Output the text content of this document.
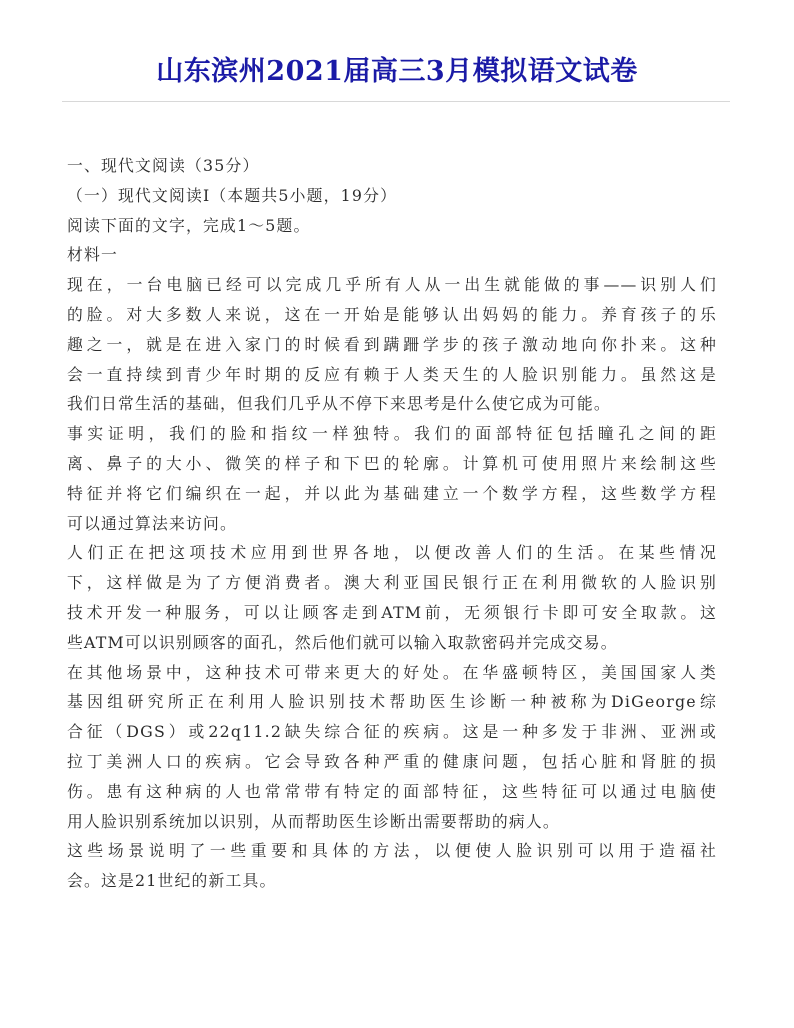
山东滨州2021届高三3月模拟语文试卷

一、现代文阅读（35分）

（一）现代文阅读Ⅰ（本题共5小题，19分）

阅读下面的文字，完成1～5题。

材料一

现在，一台电脑已经可以完成几乎所有人从一出生就能做的事——识别人们

的脸。对大多数人来说，这在一开始是能够认出妈妈的能力。养育孩子的乐

趣之一，就是在进入家门的时候看到蹒跚学步的孩子激动地向你扑来。这种

会一直持续到青少年时期的反应有赖于人类天生的人脸识别能力。虽然这是

我们日常生活的基础，但我们几乎从不停下来思考是什么使它成为可能。

事实证明，我们的脸和指纹一样独特。我们的面部特征包括瞳孔之间的距

离、鼻子的大小、微笑的样子和下巴的轮廓。计算机可使用照片来绘制这些

特征并将它们编织在一起，并以此为基础建立一个数学方程，这些数学方程

可以通过算法来访问。

人们正在把这项技术应用到世界各地，以便改善人们的生活。在某些情况

下，这样做是为了方便消费者。澳大利亚国民银行正在利用微软的人脸识别

技术开发一种服务，可以让顾客走到ATM前，无须银行卡即可安全取款。这

些ATM可以识别顾客的面孔，然后他们就可以输入取款密码并完成交易。

在其他场景中，这种技术可带来更大的好处。在华盛顿特区，美国国家人类

基因组研究所正在利用人脸识别技术帮助医生诊断一种被称为DiGeorge综

合征（DGS）或22q11.2缺失综合征的疾病。这是一种多发于非洲、亚洲或

拉丁美洲人口的疾病。它会导致各种严重的健康问题，包括心脏和肾脏的损

伤。患有这种病的人也常常带有特定的面部特征，这些特征可以通过电脑使

用人脸识别系统加以识别，从而帮助医生诊断出需要帮助的病人。

这些场景说明了一些重要和具体的方法，以便使人脸识别可以用于造福社

会。这是21世纪的新工具。
